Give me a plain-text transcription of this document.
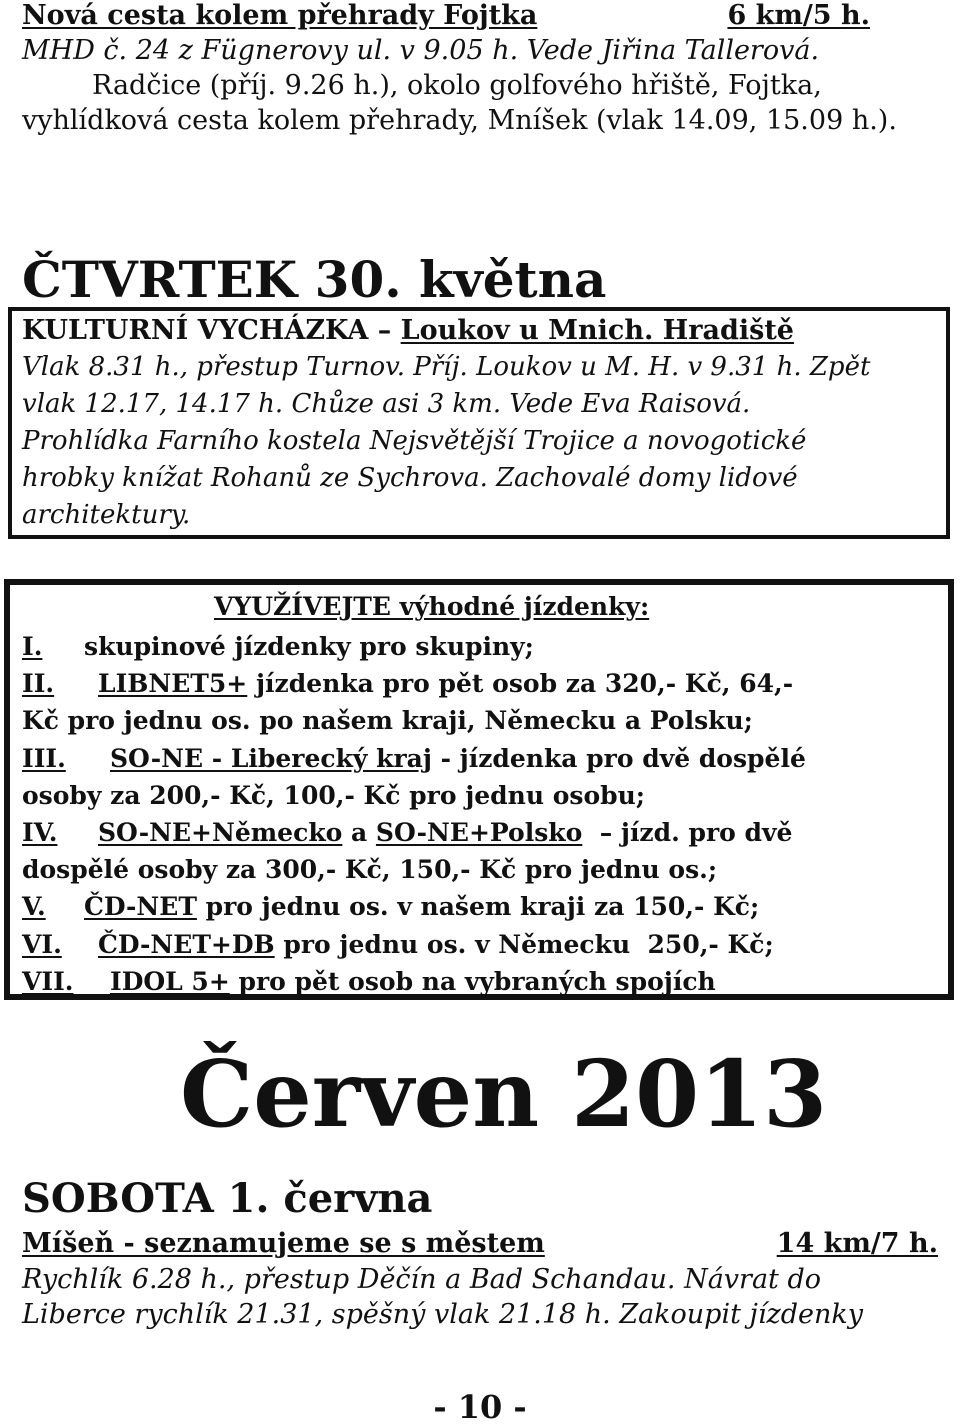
Nová cesta kolem přehrady Fojtka	6 km/5 h.
MHD č. 24 z Fügnerovy ul. v 9.05 h. Vede Jiřina Tallerová.
Radčice (příj. 9.26 h.), okolo golfového hřiště, Fojtka,
vyhlídková cesta kolem přehrady, Mníšek (vlak 14.09, 15.09 h.).
ČTVRTEK 30. května
KULTURNÍ VYCHÁZKA – Loukov u Mnich. Hradiště
Vlak 8.31 h., přestup Turnov. Příj. Loukov u M. H. v 9.31 h. Zpět
vlak 12.17, 14.17 h. Chůze asi 3 km. Vede Eva Raisová.
Prohlídka Farního kostela Nejsvětější Trojice a novogotické
hrobky knížat Rohanů ze Sychrova. Zachovalé domy lidové
architektury.
VYUŽÍVEJTE výhodné jízdenky:
I. skupinové jízdenky pro skupiny;
II. LIBNET5+ jízdenka pro pět osob za 320,- Kč, 64,-
Kč pro jednu os. po našem kraji, Německu a Polsku;
III. SO-NE - Liberecký kraj - jízdenka pro dvě dospělé
osoby za 200,- Kč, 100,- Kč pro jednu osobu;
IV. SO-NE+Německo a SO-NE+Polsko  – jízd. pro dvě
dospělé osoby za 300,- Kč, 150,- Kč pro jednu os.;
V. ČD-NET pro jednu os. v našem kraji za 150,- Kč;
VI. ČD-NET+DB pro jednu os. v Německu  250,- Kč;
VII. IDOL 5+ pro pět osob na vybraných spojích
Červen 2013
SOBOTA 1. června
Míšeň - seznamujeme se s městem	14 km/7 h.
Rychlík 6.28 h., přestup Děčín a Bad Schandau. Návrat do
Liberce rychlík 21.31, spěšný vlak 21.18 h. Zakoupit jízdenky
- 10 -
